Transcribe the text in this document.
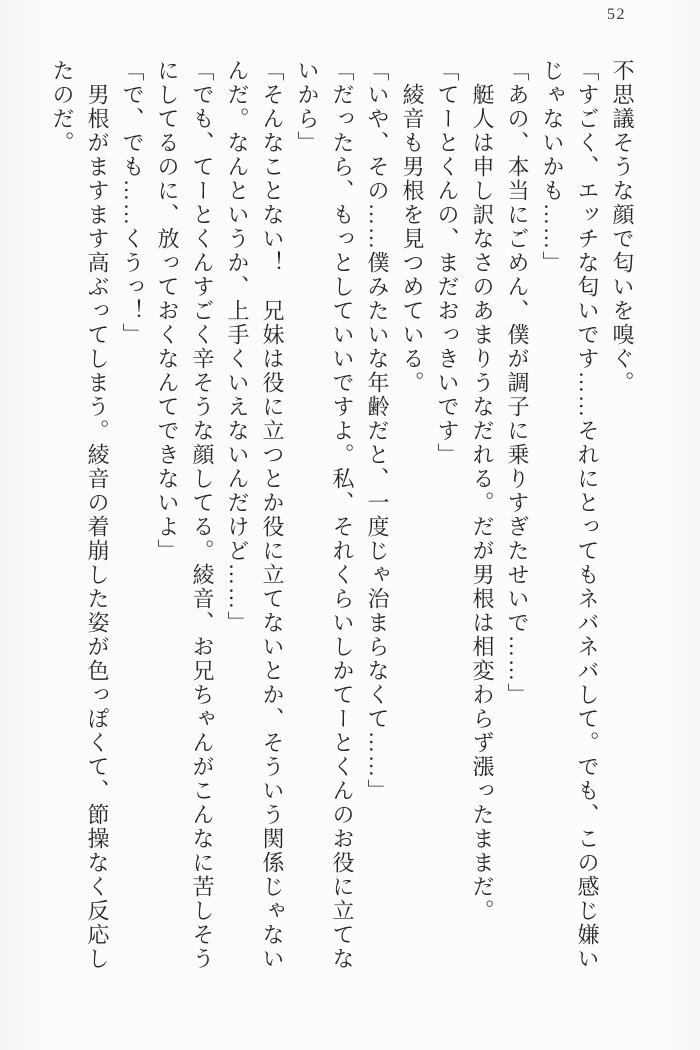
52
不思議そうな顔で匂いを嗅ぐ。
「すごく、エッチな匂いです……それにとってもネバネバして。でも、この感じ嫌い
じゃないかも……」
「あの、本当にごめん、僕が調子に乗りすぎたせいで……」
艇人は申し訳なさのあまりうなだれる。だが男根は相変わらず漲ったままだ。
「てーとくんの、まだおっきいです」
綾音も男根を見つめている。
「いや、その……僕みたいな年齢だと、一度じゃ治まらなくて……」
「だったら、もっとしていいですよ。私、それくらいしかてーとくんのお役に立てな
いから」
「そんなことない！　兄妹は役に立つとか役に立てないとか、そういう関係じゃない
んだ。なんというか、上手くいえないんだけど……」
「でも、てーとくんすごく辛そうな顔してる。綾音、お兄ちゃんがこんなに苦しそう
にしてるのに、放っておくなんてできないよ」
「で、でも……くうっ！」
男根がますます高ぶってしまう。綾音の着崩した姿が色っぽくて、節操なく反応し
たのだ。
